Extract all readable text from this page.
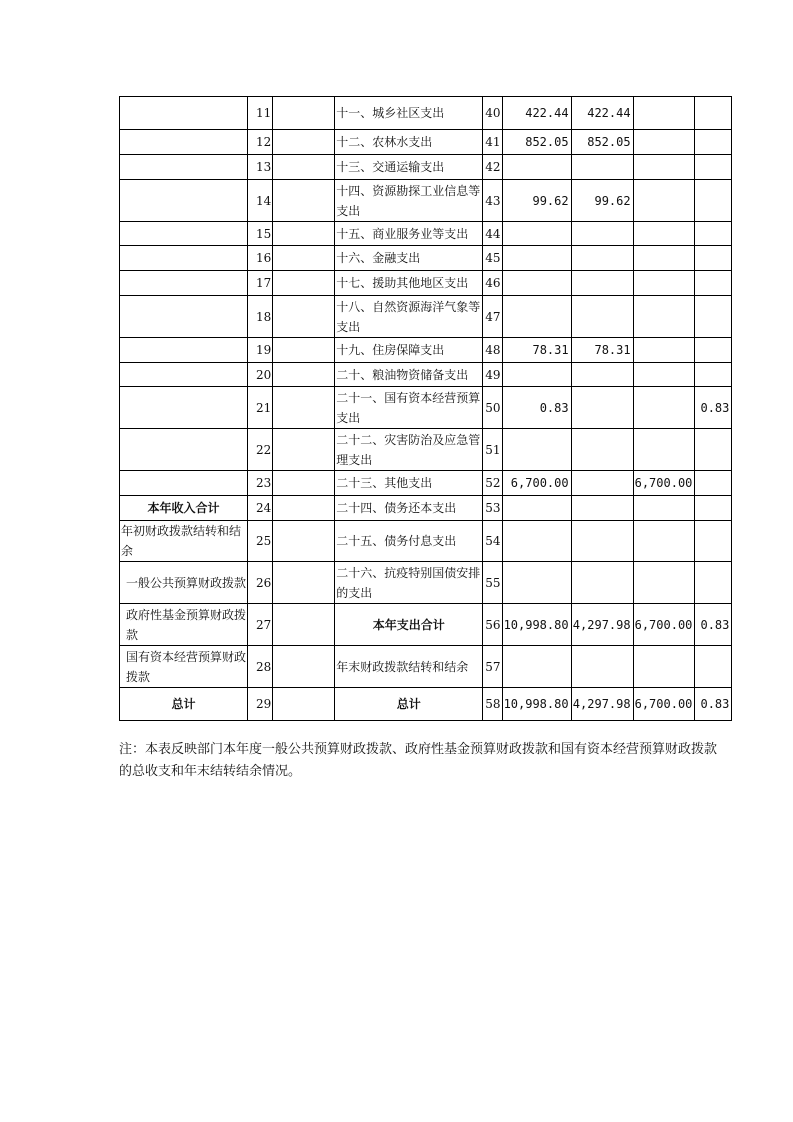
	11		十一、城乡社区支出	40	422.44	422.44		
	12		十二、农林水支出	41	852.05	852.05		
	13		十三、交通运输支出	42				
	14		十四、资源勘探工业信息等支出	43	99.62	99.62		
	15		十五、商业服务业等支出	44				
	16		十六、金融支出	45				
	17		十七、援助其他地区支出	46				
	18		十八、自然资源海洋气象等支出	47				
	19		十九、住房保障支出	48	78.31	78.31		
	20		二十、粮油物资储备支出	49				
	21		二十一、国有资本经营预算支出	50	0.83			0.83
	22		二十二、灾害防治及应急管理支出	51				
	23		二十三、其他支出	52	6,700.00		6,700.00	
本年收入合计	24		二十四、债务还本支出	53				
年初财政拨款结转和结余	25		二十五、债务付息支出	54				
一般公共预算财政拨款	26		二十六、抗疫特别国债安排的支出	55				
政府性基金预算财政拨款	27		本年支出合计	56	10,998.80	4,297.98	6,700.00	0.83
国有资本经营预算财政拨款	28		年末财政拨款结转和结余	57				
总计	29		总计	58	10,998.80	4,297.98	6,700.00	0.83
注：本表反映部门本年度一般公共预算财政拨款、政府性基金预算财政拨款和国有资本经营预算财政拨款的总收支和年末结转结余情况。
